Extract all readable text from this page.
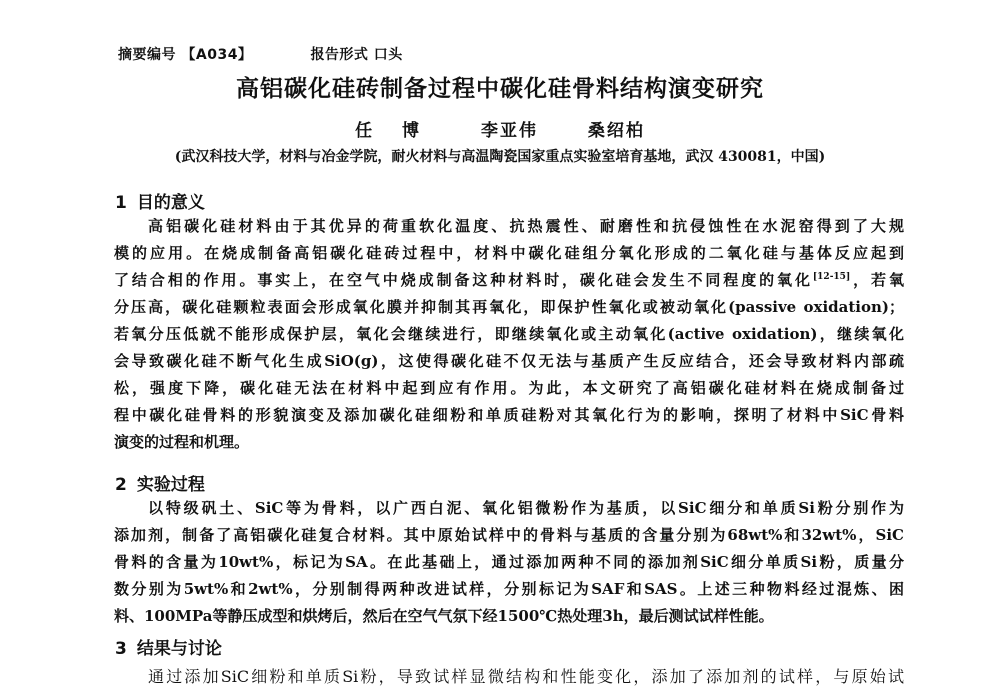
摘要编号 【A034】	报告形式 口头
高铝碳化硅砖制备过程中碳化硅骨料结构演变研究
任 博	李亚伟	桑绍柏
(武汉科技大学，材料与冶金学院，耐火材料与高温陶瓷国家重点实验室培育基地，武汉 430081，中国)
1 目的意义
高铝碳化硅材料由于其优异的荷重软化温度、抗热震性、耐磨性和抗侵蚀性在水泥窑得到了大规
模的应用。在烧成制备高铝碳化硅砖过程中，材料中碳化硅组分氧化形成的二氧化硅与基体反应起到
了结合相的作用。事实上，在空气中烧成制备这种材料时，碳化硅会发生不同程度的氧化[12-15]，若氧
分压高，碳化硅颗粒表面会形成氧化膜并抑制其再氧化，即保护性氧化或被动氧化(passive oxidation)；
若氧分压低就不能形成保护层，氧化会继续进行，即继续氧化或主动氧化(active oxidation)，继续氧化
会导致碳化硅不断气化生成SiO(g)，这使得碳化硅不仅无法与基质产生反应结合，还会导致材料内部疏
松，强度下降，碳化硅无法在材料中起到应有作用。为此，本文研究了高铝碳化硅材料在烧成制备过
程中碳化硅骨料的形貌演变及添加碳化硅细粉和单质硅粉对其氧化行为的影响，探明了材料中SiC骨料
演变的过程和机理。
2 实验过程
以特级矾土、SiC等为骨料，以广西白泥、氧化铝微粉作为基质，以SiC细分和单质Si粉分别作为
添加剂，制备了高铝碳化硅复合材料。其中原始试样中的骨料与基质的含量分别为68wt%和32wt%，SiC
骨料的含量为10wt%，标记为SA。在此基础上，通过添加两种不同的添加剂SiC细分单质Si粉，质量分
数分别为5wt%和2wt%，分别制得两种改进试样，分别标记为SAF和SAS。上述三种物料经过混炼、困
料、100MPa等静压成型和烘烤后，然后在空气气氛下经1500℃热处理3h，最后测试试样性能。
3 结果与讨论
通过添加SiC细粉和单质Si粉，导致试样显微结构和性能变化，添加了添加剂的试样，与原始试
